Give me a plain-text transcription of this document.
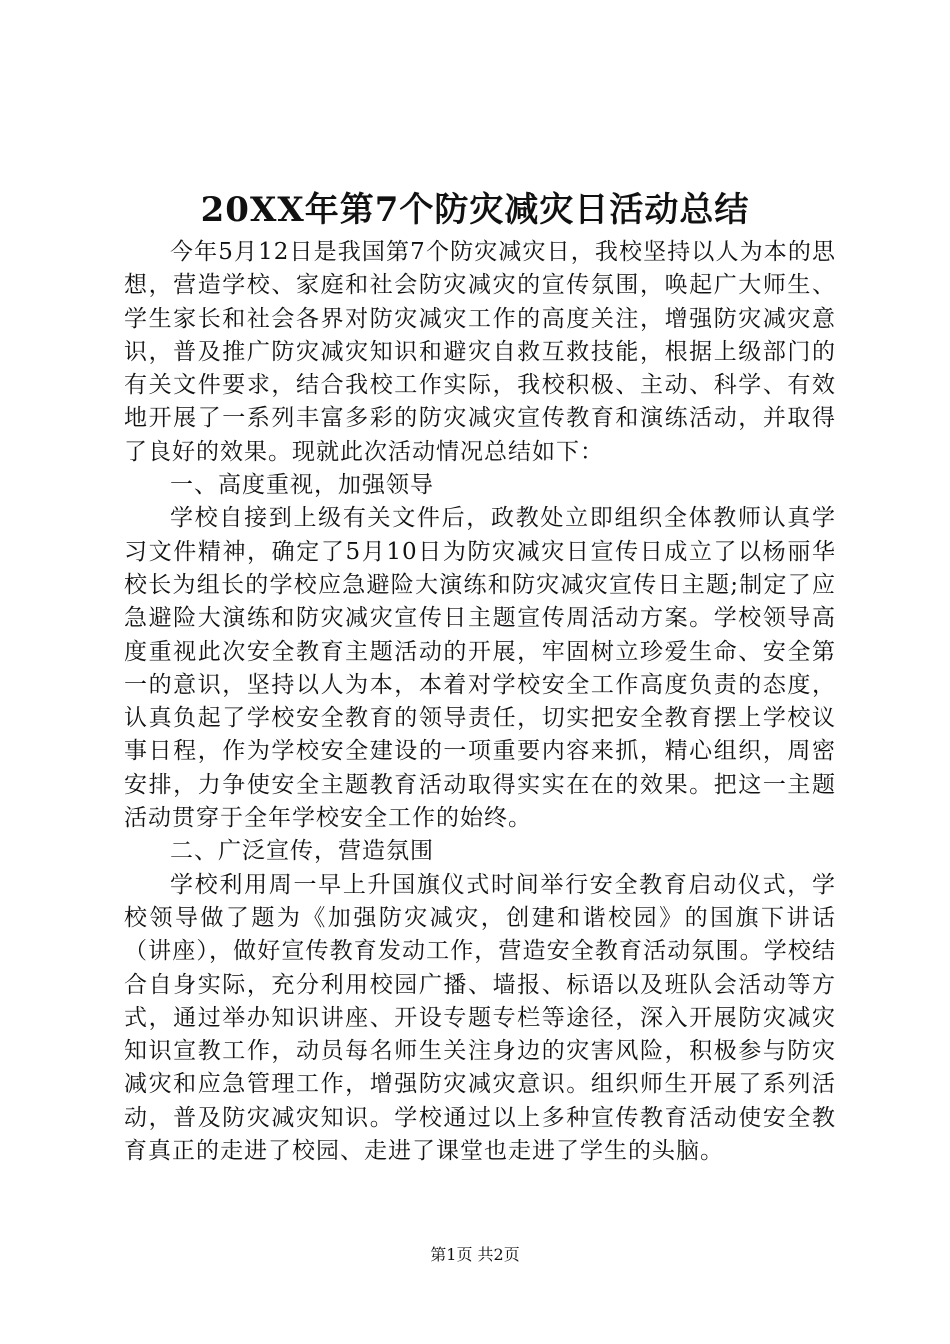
20XX年第7个防灾减灾日活动总结

今年5月12日是我国第7个防灾减灾日，我校坚持以人为本的思想，营造学校、家庭和社会防灾减灾的宣传氛围，唤起广大师生、学生家长和社会各界对防灾减灾工作的高度关注，增强防灾减灾意识，普及推广防灾减灾知识和避灾自救互救技能，根据上级部门的有关文件要求，结合我校工作实际，我校积极、主动、科学、有效地开展了一系列丰富多彩的防灾减灾宣传教育和演练活动，并取得了良好的效果。现就此次活动情况总结如下：

一、高度重视，加强领导

学校自接到上级有关文件后，政教处立即组织全体教师认真学习文件精神，确定了5月10日为防灾减灾日宣传日成立了以杨丽华校长为组长的学校应急避险大演练和防灾减灾宣传日主题;制定了应急避险大演练和防灾减灾宣传日主题宣传周活动方案。学校领导高度重视此次安全教育主题活动的开展，牢固树立珍爱生命、安全第一的意识，坚持以人为本，本着对学校安全工作高度负责的态度，认真负起了学校安全教育的领导责任，切实把安全教育摆上学校议事日程，作为学校安全建设的一项重要内容来抓，精心组织，周密安排，力争使安全主题教育活动取得实实在在的效果。把这一主题活动贯穿于全年学校安全工作的始终。

二、广泛宣传，营造氛围

学校利用周一早上升国旗仪式时间举行安全教育启动仪式，学校领导做了题为《加强防灾减灾，创建和谐校园》的国旗下讲话（讲座），做好宣传教育发动工作，营造安全教育活动氛围。学校结合自身实际，充分利用校园广播、墙报、标语以及班队会活动等方式，通过举办知识讲座、开设专题专栏等途径，深入开展防灾减灾知识宣教工作，动员每名师生关注身边的灾害风险，积极参与防灾减灾和应急管理工作，增强防灾减灾意识。组织师生开展了系列活动，普及防灾减灾知识。学校通过以上多种宣传教育活动使安全教育真正的走进了校园、走进了课堂也走进了学生的头脑。

第1页 共2页
